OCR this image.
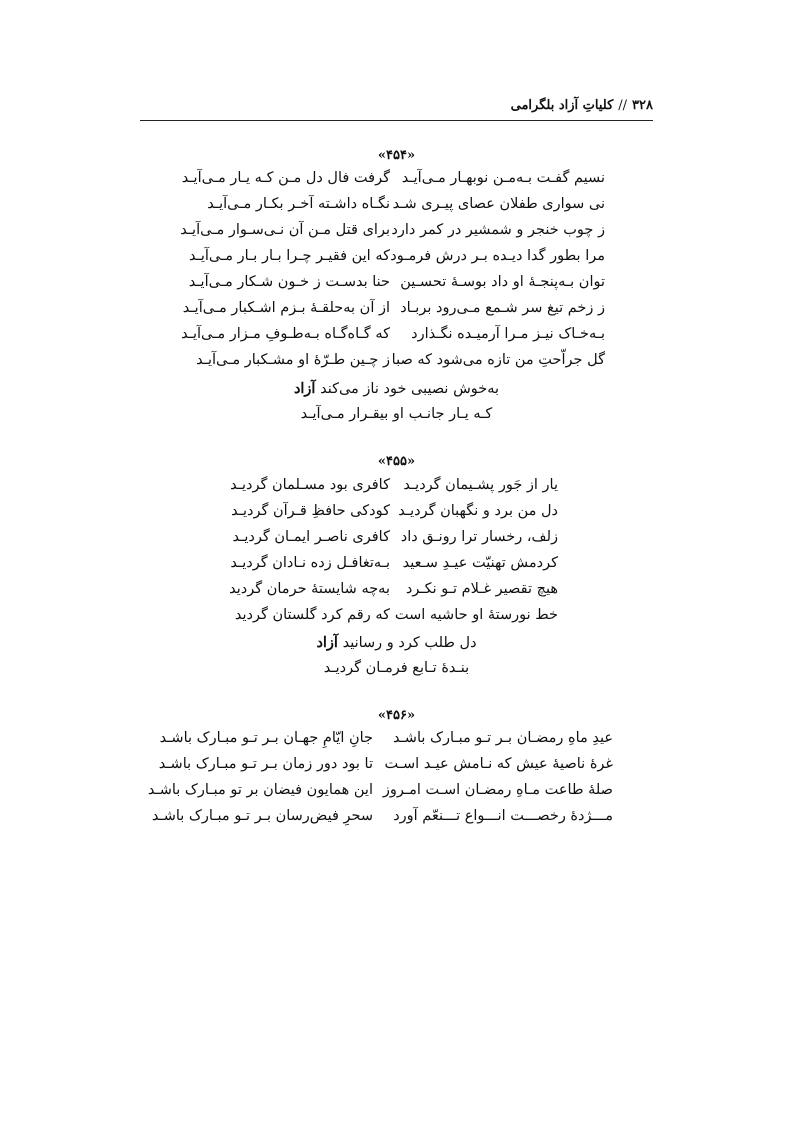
۳۲۸//کلیاتِ آزاد بلگرامی
«۴۵۴»
نسیم گفـت بـه‌مـن نوبهـار مـی‌آیـد
گرفت فال دل مـن کـه یـار مـی‌آیـد
نی سواری طفلان عصای پیـری شـد
نگـاه داشـته آخـر بکـار مـی‌آیـد
ز چوب خنجر و شمشیر در کمر دارد
برای قتل مـن آن نـی‌سـوار مـی‌آیـد
مرا بطور گدا دیـده بـر درش فرمـود
که این فقیـر چـرا بـار بـار مـی‌آیـد
توان بـه‌پنجـهٔ او داد بوسـهٔ تحسـین
حنا بدسـت ز خـون شـکار مـی‌آیـد
ز زخم تیغ سر شـمع مـی‌رود بربـاد
از آن به‌حلقـهٔ بـزم اشـکبار مـی‌آیـد
بـه‌خـاک نیـز مـرا آرمیـده نگـذارد
که گـاه‌گـاه بـه‌طـوفِ مـزار مـی‌آیـد
گل جراّحتِ من تازه می‌شود که صبا
ز چـین طـرّهٔ او مشـکبار مـی‌آیـد
به‌خوش نصیبی خود ناز می‌کند آزاد
کـه یـار جانـب او بیقـرار مـی‌آیـد
«۴۵۵»
یار از جَور پشـیمان گردیـد
کافری بود مسـلمان گردیـد
دل من برد و نگهبان گردیـد
کودکی حافظِ قـرآن گردیـد
زلف، رخسار ترا رونـق داد
کافری ناصـر ایمـان گردیـد
کردمش تهنیّت عیـدِ سـعید
بـه‌تغافـل زده نـادان گردیـد
هیچ تقصیر غـلام تـو نکـرد
به‌چه شایستهٔ حرمان گردید
خط نورستهٔ او حاشیه است
که رقم کرد گلستان گردید
دل طلب کرد و رسانید آزاد
بنـدهٔ تـابع فرمـان گردیـد
«۴۵۶»
عیدِ ماهِ رمضـان بـر تـو مبـارک باشـد
جانِ ایّامِ جهـان بـر تـو مبـارک باشـد
غرهٔ ناصیهٔ عیش که نـامش عیـد اسـت
تا بود دور زمان بـر تـو مبـارک باشـد
صلهٔ طاعت مـاهِ رمضـان اسـت امـروز
این همایون فیضان بر تو مبـارک باشـد
مـــژدهٔ رخصـــت انـــواع تـــنعّم آورد
سحرِ فیض‌رسان بـر تـو مبـارک باشـد
